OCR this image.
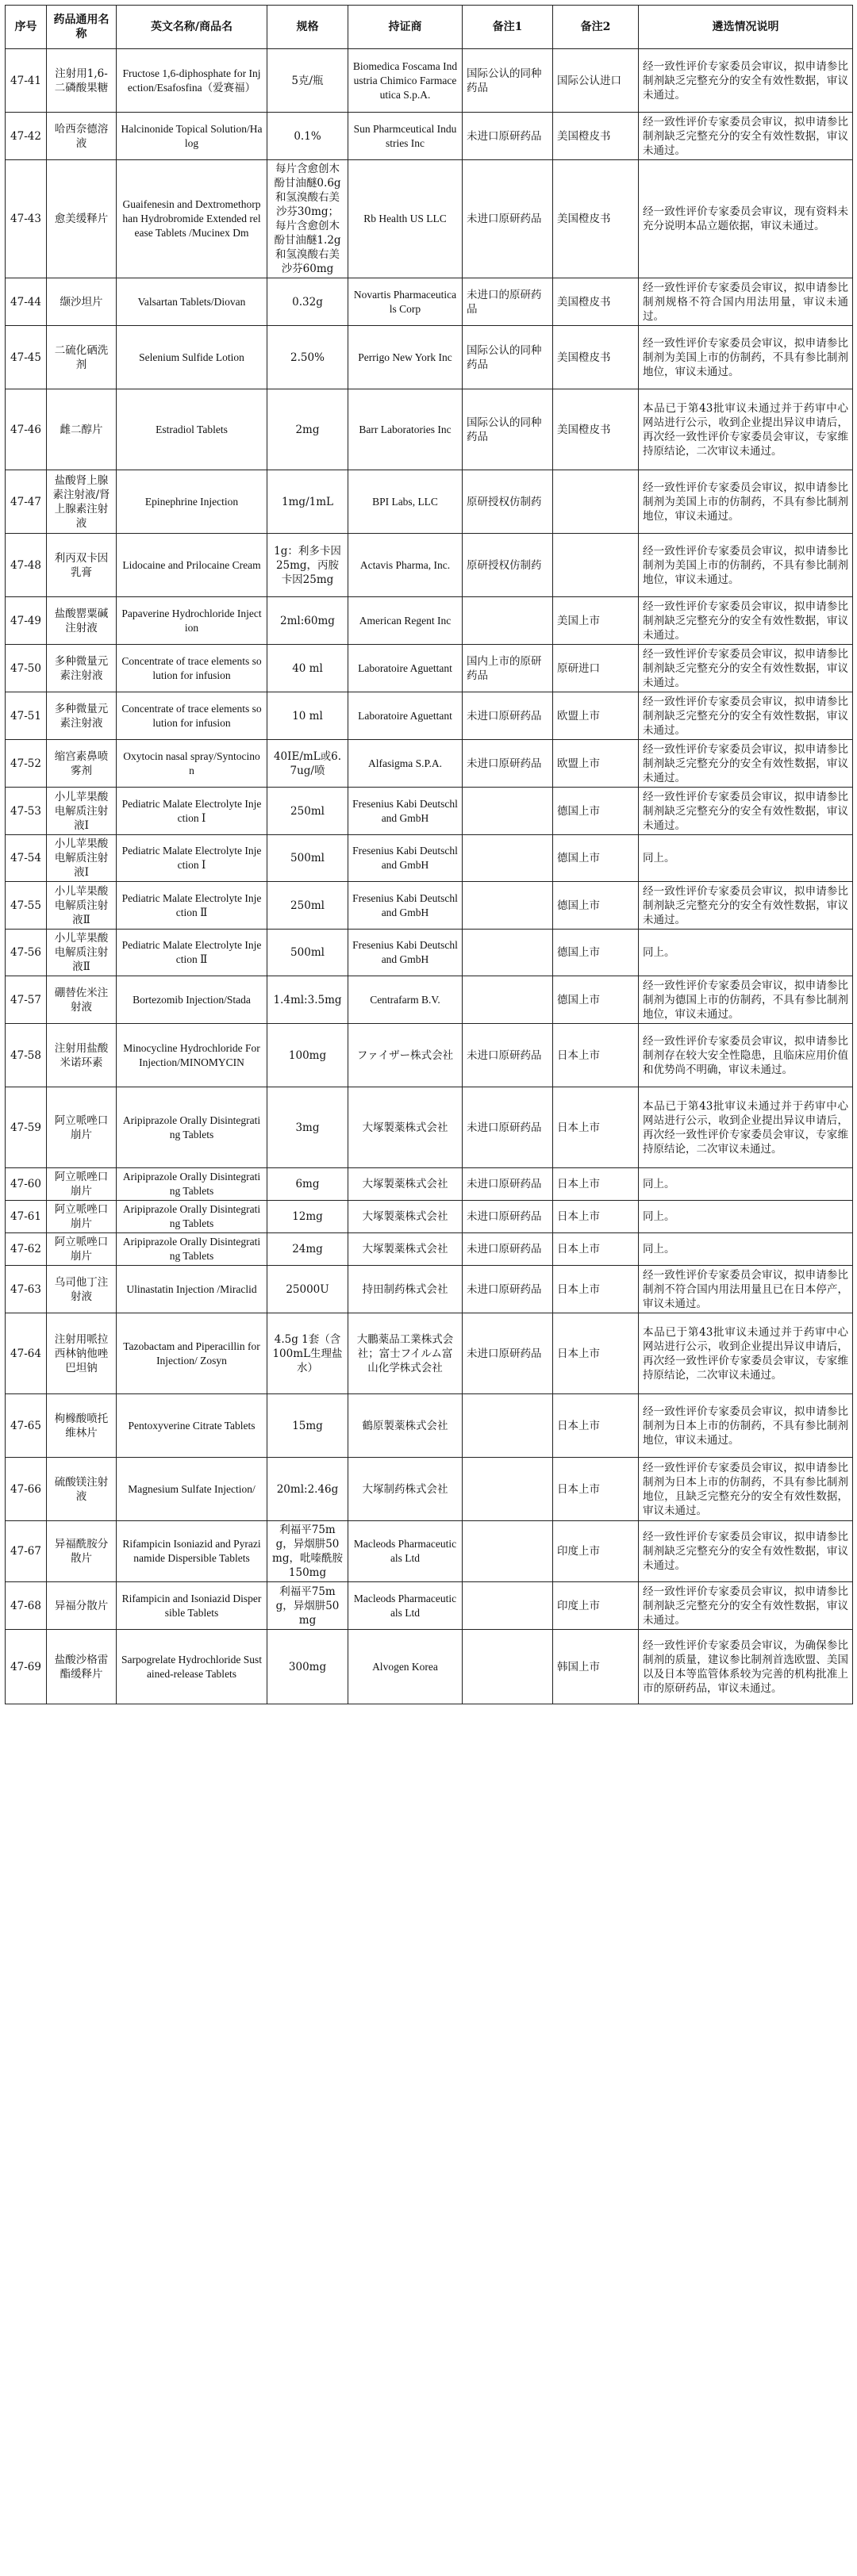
序号	药品通用名称	英文名称/商品名	规格	持证商	备注1	备注2	遴选情况说明
47-41	注射用1,6-二磷酸果糖	Fructose 1,6-diphosphate for Injection/Esafosfina（爱赛福）	5克/瓶	Biomedica Foscama Industria Chimico Farmaceutica S.p.A.	国际公认的同种药品	国际公认进口	经一致性评价专家委员会审议，拟申请参比制剂缺乏完整充分的安全有效性数据，审议未通过。
47-42	哈西奈德溶液	Halcinonide Topical Solution/Halog	0.1%	Sun Pharmceutical Industries Inc	未进口原研药品	美国橙皮书	经一致性评价专家委员会审议，拟申请参比制剂缺乏完整充分的安全有效性数据，审议未通过。
47-43	愈美缓释片	Guaifenesin and Dextromethorphan Hydrobromide Extended release Tablets /Mucinex Dm	每片含愈创木酚甘油醚0.6g和氢溴酸右美沙芬30mg；每片含愈创木酚甘油醚1.2g和氢溴酸右美沙芬60mg	Rb Health US LLC	未进口原研药品	美国橙皮书	经一致性评价专家委员会审议，现有资料未充分说明本品立题依据，审议未通过。
47-44	缬沙坦片	Valsartan Tablets/Diovan	0.32g	Novartis Pharmaceuticals Corp	未进口的原研药品	美国橙皮书	经一致性评价专家委员会审议，拟申请参比制剂规格不符合国内用法用量，审议未通过。
47-45	二硫化硒洗剂	Selenium Sulfide Lotion	2.50%	Perrigo New York Inc	国际公认的同种药品	美国橙皮书	经一致性评价专家委员会审议，拟申请参比制剂为美国上市的仿制药，不具有参比制剂地位，审议未通过。
47-46	雌二醇片	Estradiol Tablets	2mg	Barr Laboratories Inc	国际公认的同种药品	美国橙皮书	本品已于第43批审议未通过并于药审中心网站进行公示，收到企业提出异议申请后，再次经一致性评价专家委员会审议，专家维持原结论，二次审议未通过。
47-47	盐酸肾上腺素注射液/肾上腺素注射液	Epinephrine Injection	1mg/1mL	BPI Labs, LLC	原研授权仿制药		经一致性评价专家委员会审议，拟申请参比制剂为美国上市的仿制药，不具有参比制剂地位，审议未通过。
47-48	利丙双卡因乳膏	Lidocaine and Prilocaine Cream	1g：利多卡因25mg，丙胺卡因25mg	Actavis Pharma, Inc.	原研授权仿制药		经一致性评价专家委员会审议，拟申请参比制剂为美国上市的仿制药，不具有参比制剂地位，审议未通过。
47-49	盐酸罂粟碱注射液	Papaverine Hydrochloride Injection	2ml:60mg	American Regent Inc		美国上市	经一致性评价专家委员会审议，拟申请参比制剂缺乏完整充分的安全有效性数据，审议未通过。
47-50	多种微量元素注射液	Concentrate of trace elements solution for infusion	40 ml	Laboratoire Aguettant	国内上市的原研药品	原研进口	经一致性评价专家委员会审议，拟申请参比制剂缺乏完整充分的安全有效性数据，审议未通过。
47-51	多种微量元素注射液	Concentrate of trace elements solution for infusion	10 ml	Laboratoire Aguettant	未进口原研药品	欧盟上市	经一致性评价专家委员会审议，拟申请参比制剂缺乏完整充分的安全有效性数据，审议未通过。
47-52	缩宫素鼻喷雾剂	Oxytocin nasal spray/Syntocinon	40IE/mL或6.7ug/喷	Alfasigma S.P.A.	未进口原研药品	欧盟上市	经一致性评价专家委员会审议，拟申请参比制剂缺乏完整充分的安全有效性数据，审议未通过。
47-53	小儿苹果酸电解质注射液Ⅰ	Pediatric Malate Electrolyte Injection Ⅰ	250ml	Fresenius Kabi Deutschland GmbH		德国上市	经一致性评价专家委员会审议，拟申请参比制剂缺乏完整充分的安全有效性数据，审议未通过。
47-54	小儿苹果酸电解质注射液Ⅰ	Pediatric Malate Electrolyte Injection Ⅰ	500ml	Fresenius Kabi Deutschland GmbH		德国上市	同上。
47-55	小儿苹果酸电解质注射液Ⅱ	Pediatric Malate Electrolyte Injection Ⅱ	250ml	Fresenius Kabi Deutschland GmbH		德国上市	经一致性评价专家委员会审议，拟申请参比制剂缺乏完整充分的安全有效性数据，审议未通过。
47-56	小儿苹果酸电解质注射液Ⅱ	Pediatric Malate Electrolyte Injection Ⅱ	500ml	Fresenius Kabi Deutschland GmbH		德国上市	同上。
47-57	硼替佐米注射液	Bortezomib Injection/Stada	1.4ml:3.5mg	Centrafarm B.V.		德国上市	经一致性评价专家委员会审议，拟申请参比制剂为德国上市的仿制药，不具有参比制剂地位，审议未通过。
47-58	注射用盐酸米诺环素	Minocycline Hydrochloride For Injection/MINOMYCIN	100mg	ファイザー株式会社	未进口原研药品	日本上市	经一致性评价专家委员会审议，拟申请参比制剂存在较大安全性隐患，且临床应用价值和优势尚不明确，审议未通过。
47-59	阿立哌唑口崩片	Aripiprazole Orally Disintegrating Tablets	3mg	大塚製薬株式会社	未进口原研药品	日本上市	本品已于第43批审议未通过并于药审中心网站进行公示，收到企业提出异议申请后，再次经一致性评价专家委员会审议，专家维持原结论，二次审议未通过。
47-60	阿立哌唑口崩片	Aripiprazole Orally Disintegrating Tablets	6mg	大塚製薬株式会社	未进口原研药品	日本上市	同上。
47-61	阿立哌唑口崩片	Aripiprazole Orally Disintegrating Tablets	12mg	大塚製薬株式会社	未进口原研药品	日本上市	同上。
47-62	阿立哌唑口崩片	Aripiprazole Orally Disintegrating Tablets	24mg	大塚製薬株式会社	未进口原研药品	日本上市	同上。
47-63	乌司他丁注射液	Ulinastatin Injection /Miraclid	25000U	持田制药株式会社	未进口原研药品	日本上市	经一致性评价专家委员会审议，拟申请参比制剂不符合国内用法用量且已在日本停产，审议未通过。
47-64	注射用哌拉西林钠他唑巴坦钠	Tazobactam and Piperacillin for Injection/ Zosyn	4.5g 1套（含100mL生理盐水）	大鵬薬品工業株式会社；富士フイルム富山化学株式会社	未进口原研药品	日本上市	本品已于第43批审议未通过并于药审中心网站进行公示，收到企业提出异议申请后，再次经一致性评价专家委员会审议，专家维持原结论，二次审议未通过。
47-65	枸橼酸喷托维林片	Pentoxyverine Citrate Tablets	15mg	鶴原製薬株式会社		日本上市	经一致性评价专家委员会审议，拟申请参比制剂为日本上市的仿制药，不具有参比制剂地位，审议未通过。
47-66	硫酸镁注射液	Magnesium Sulfate Injection/	20ml:2.46g	大塚制药株式会社		日本上市	经一致性评价专家委员会审议，拟申请参比制剂为日本上市的仿制药，不具有参比制剂地位，且缺乏完整充分的安全有效性数据，审议未通过。
47-67	异福酰胺分散片	Rifampicin Isoniazid and Pyrazinamide Dispersible Tablets	利福平75mg，异烟肼50mg，吡嗪酰胺150mg	Macleods Pharmaceuticals Ltd		印度上市	经一致性评价专家委员会审议，拟申请参比制剂缺乏完整充分的安全有效性数据，审议未通过。
47-68	异福分散片	Rifampicin and Isoniazid Dispersible Tablets	利福平75mg，异烟肼50mg	Macleods Pharmaceuticals Ltd		印度上市	经一致性评价专家委员会审议，拟申请参比制剂缺乏完整充分的安全有效性数据，审议未通过。
47-69	盐酸沙格雷酯缓释片	Sarpogrelate Hydrochloride Sustained-release Tablets	300mg	Alvogen Korea		韩国上市	经一致性评价专家委员会审议，为确保参比制剂的质量，建议参比制剂首选欧盟、美国以及日本等监管体系较为完善的机构批准上市的原研药品，审议未通过。
